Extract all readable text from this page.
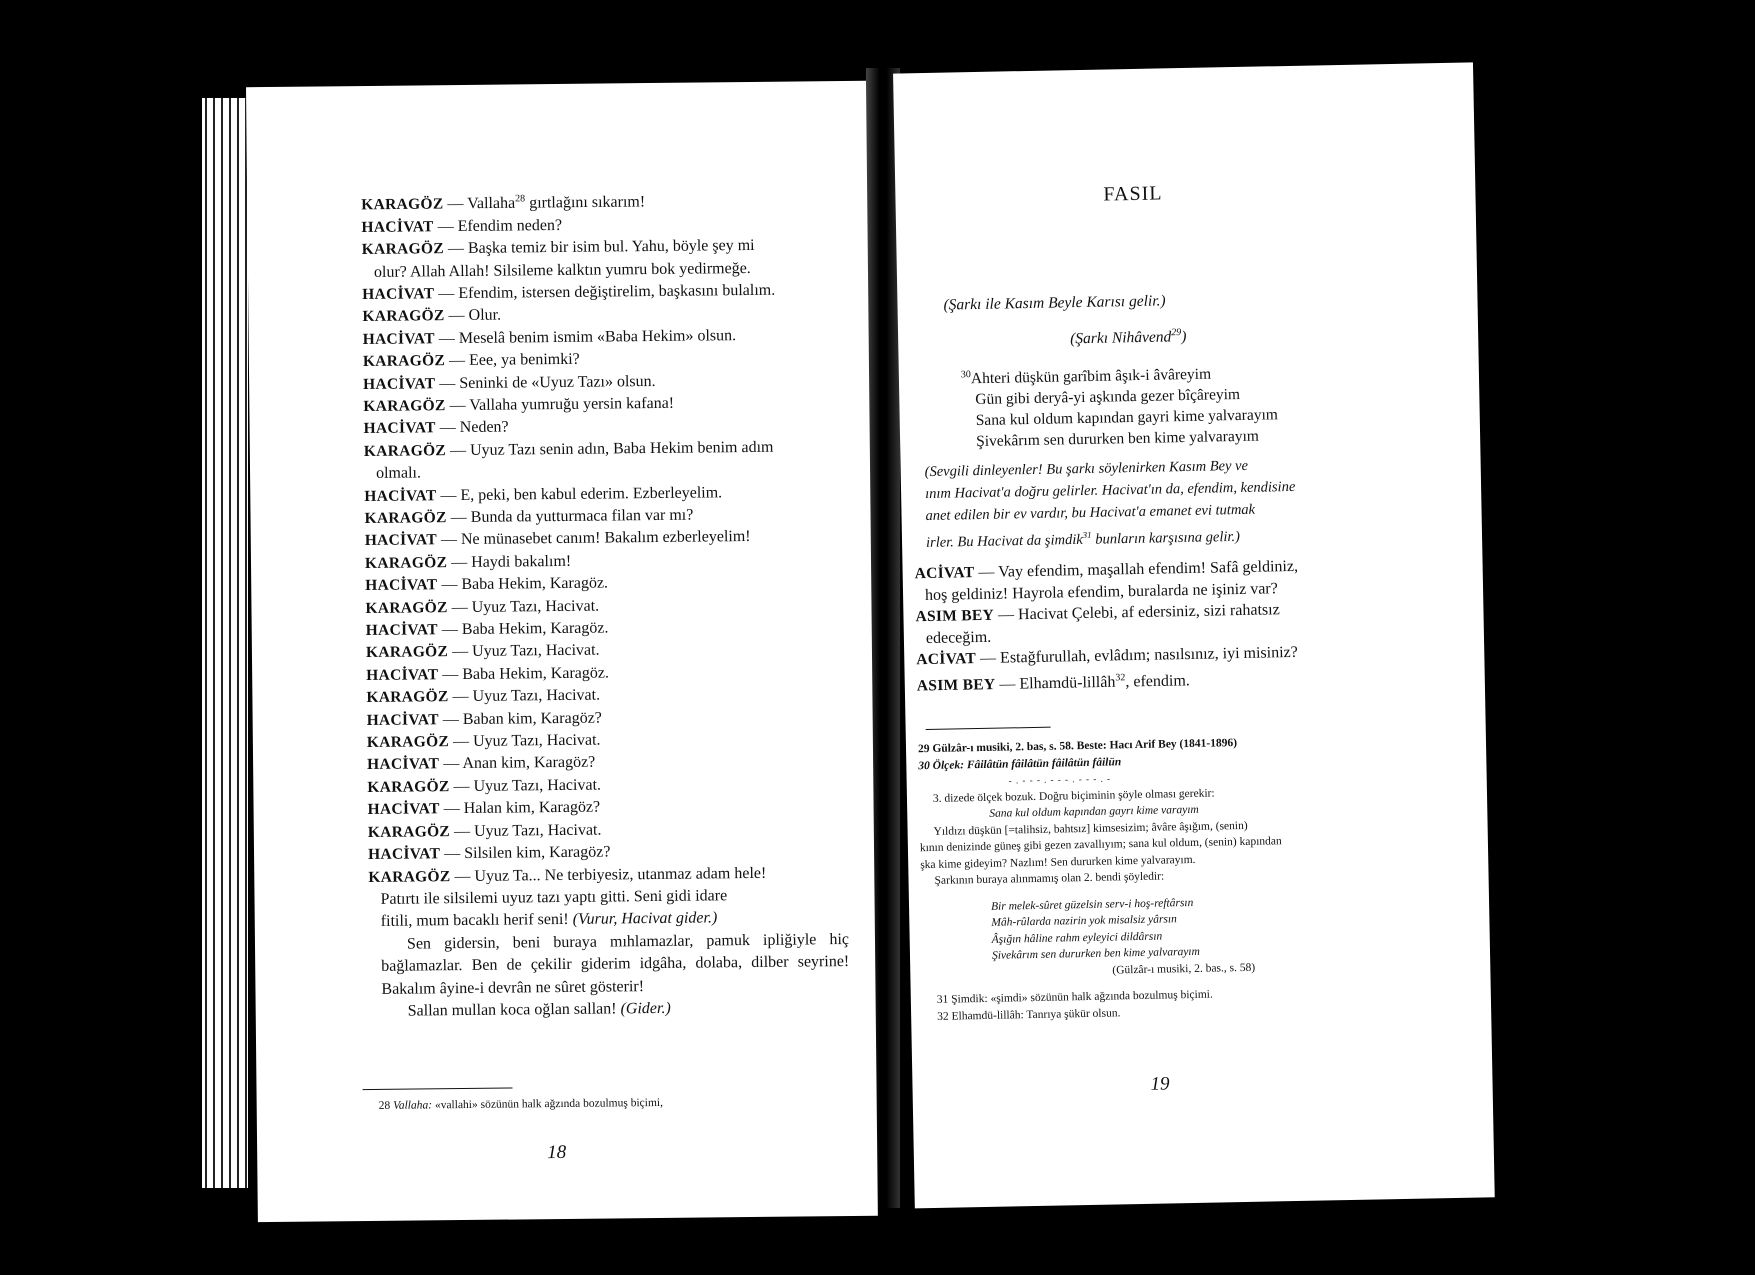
KARAGÖZ — Vallaha$^{28}$ gırtlağını sıkarım!
HACİVAT — Efendim neden?
KARAGÖZ — Başka temiz bir isim bul. Yahu, böyle şey mi
olur? Allah Allah! Silsileme kalktın yumru bok yedirmeğe.
HACİVAT — Efendim, istersen değiştirelim, başkasını bulalım.
KARAGÖZ — Olur.
HACİVAT — Meselâ benim ismim «Baba Hekim» olsun.
KARAGÖZ — Eee, ya benimki?
HACİVAT — Seninki de «Uyuz Tazı» olsun.
KARAGÖZ — Vallaha yumruğu yersin kafana!
HACİVAT — Neden?
KARAGÖZ — Uyuz Tazı senin adın, Baba Hekim benim adım
olmalı.
HACİVAT — E, peki, ben kabul ederim. Ezberleyelim.
KARAGÖZ — Bunda da yutturmaca filan var mı?
HACİVAT — Ne münasebet canım! Bakalım ezberleyelim!
KARAGÖZ — Haydi bakalım!
HACİVAT — Baba Hekim, Karagöz.
KARAGÖZ — Uyuz Tazı, Hacivat.
HACİVAT — Baba Hekim, Karagöz.
KARAGÖZ — Uyuz Tazı, Hacivat.
HACİVAT — Baba Hekim, Karagöz.
KARAGÖZ — Uyuz Tazı, Hacivat.
HACİVAT — Baban kim, Karagöz?
KARAGÖZ — Uyuz Tazı, Hacivat.
HACİVAT — Anan kim, Karagöz?
KARAGÖZ — Uyuz Tazı, Hacivat.
HACİVAT — Halan kim, Karagöz?
KARAGÖZ — Uyuz Tazı, Hacivat.
HACİVAT — Silsilen kim, Karagöz?
KARAGÖZ — Uyuz Ta... Ne terbiyesiz, utanmaz adam hele!
Patırtı ile silsilemi uyuz tazı yaptı gitti. Seni gidi idare
fitili, mum bacaklı herif seni! (Vurur, Hacivat gider.)
Sen gidersin, beni buraya mıhlamazlar, pamuk ipliğiyle hiç bağlamazlar. Ben de çekilir giderim idgâha, dolaba, dilber seyrine! Bakalım âyine-i devrân ne sûret gösterir!
Sallan mullan koca oğlan sallan! (Gider.)
28 Vallaha: «vallahi» sözünün halk ağzında bozulmuş biçimi,
18
FASIL
(Şarkı ile Kasım Beyle Karısı gelir.)
(Şarkı Nihâvend$^{29}$)
$^{30}$Ahteri düşkün garîbim âşık-i âvâreyim
Gün gibi deryâ-yi aşkında gezer bîçâreyim
Sana kul oldum kapından gayri kime yalvarayım
Şivekârım sen dururken ben kime yalvarayım
(Sevgili dinleyenler! Bu şarkı söylenirken Kasım Bey ve
ınım Hacivat'a doğru gelirler. Hacivat'ın da, efendim, kendisine
anet edilen bir ev vardır, bu Hacivat'a emanet evi tutmak
irler. Bu Hacivat da şimdik$^{31}$ bunların karşısına gelir.)
ACİVAT — Vay efendim, maşallah efendim! Safâ geldiniz,
hoş geldiniz! Hayrola efendim, buralarda ne işiniz var?
ASIM BEY — Hacivat Çelebi, af edersiniz, sizi rahatsız
edeceğim.
ACİVAT — Estağfurullah, evlâdım; nasılsınız, iyi misiniz?
ASIM BEY — Elhamdü-lillâh$^{32}$, efendim.
29 Gülzâr-ı musiki, 2. bas, s. 58. Beste: Hacı Arif Bey (1841-1896)
30 Ölçek: Fâilâtün fâilâtün fâilâtün fâilün
- . - - - . - - - . - - - . -
3. dizede ölçek bozuk. Doğru biçiminin şöyle olması gerekir:
Sana kul oldum kapından gayrı kime varayım
Yıldızı düşkün [=talihsiz, bahtsız] kimsesizim; âvâre âşığım, (senin)
kının denizinde güneş gibi gezen zavallıyım; sana kul oldum, (senin) kapından
şka kime gideyim? Nazlım! Sen dururken kime yalvarayım.
Şarkının buraya alınmamış olan 2. bendi şöyledir:
Bir melek-sûret güzelsin serv-i hoş-reftârsın
Mâh-rûlarda nazirin yok misalsiz yârsın
Âşığın hâline rahm eyleyici dildârsın
Şivekârım sen dururken ben kime yalvarayım
(Gülzâr-ı musiki, 2. bas., s. 58)
31 Şimdik: «şimdi» sözünün halk ağzında bozulmuş biçimi.
32 Elhamdü-lillâh: Tanrıya şükür olsun.
19
